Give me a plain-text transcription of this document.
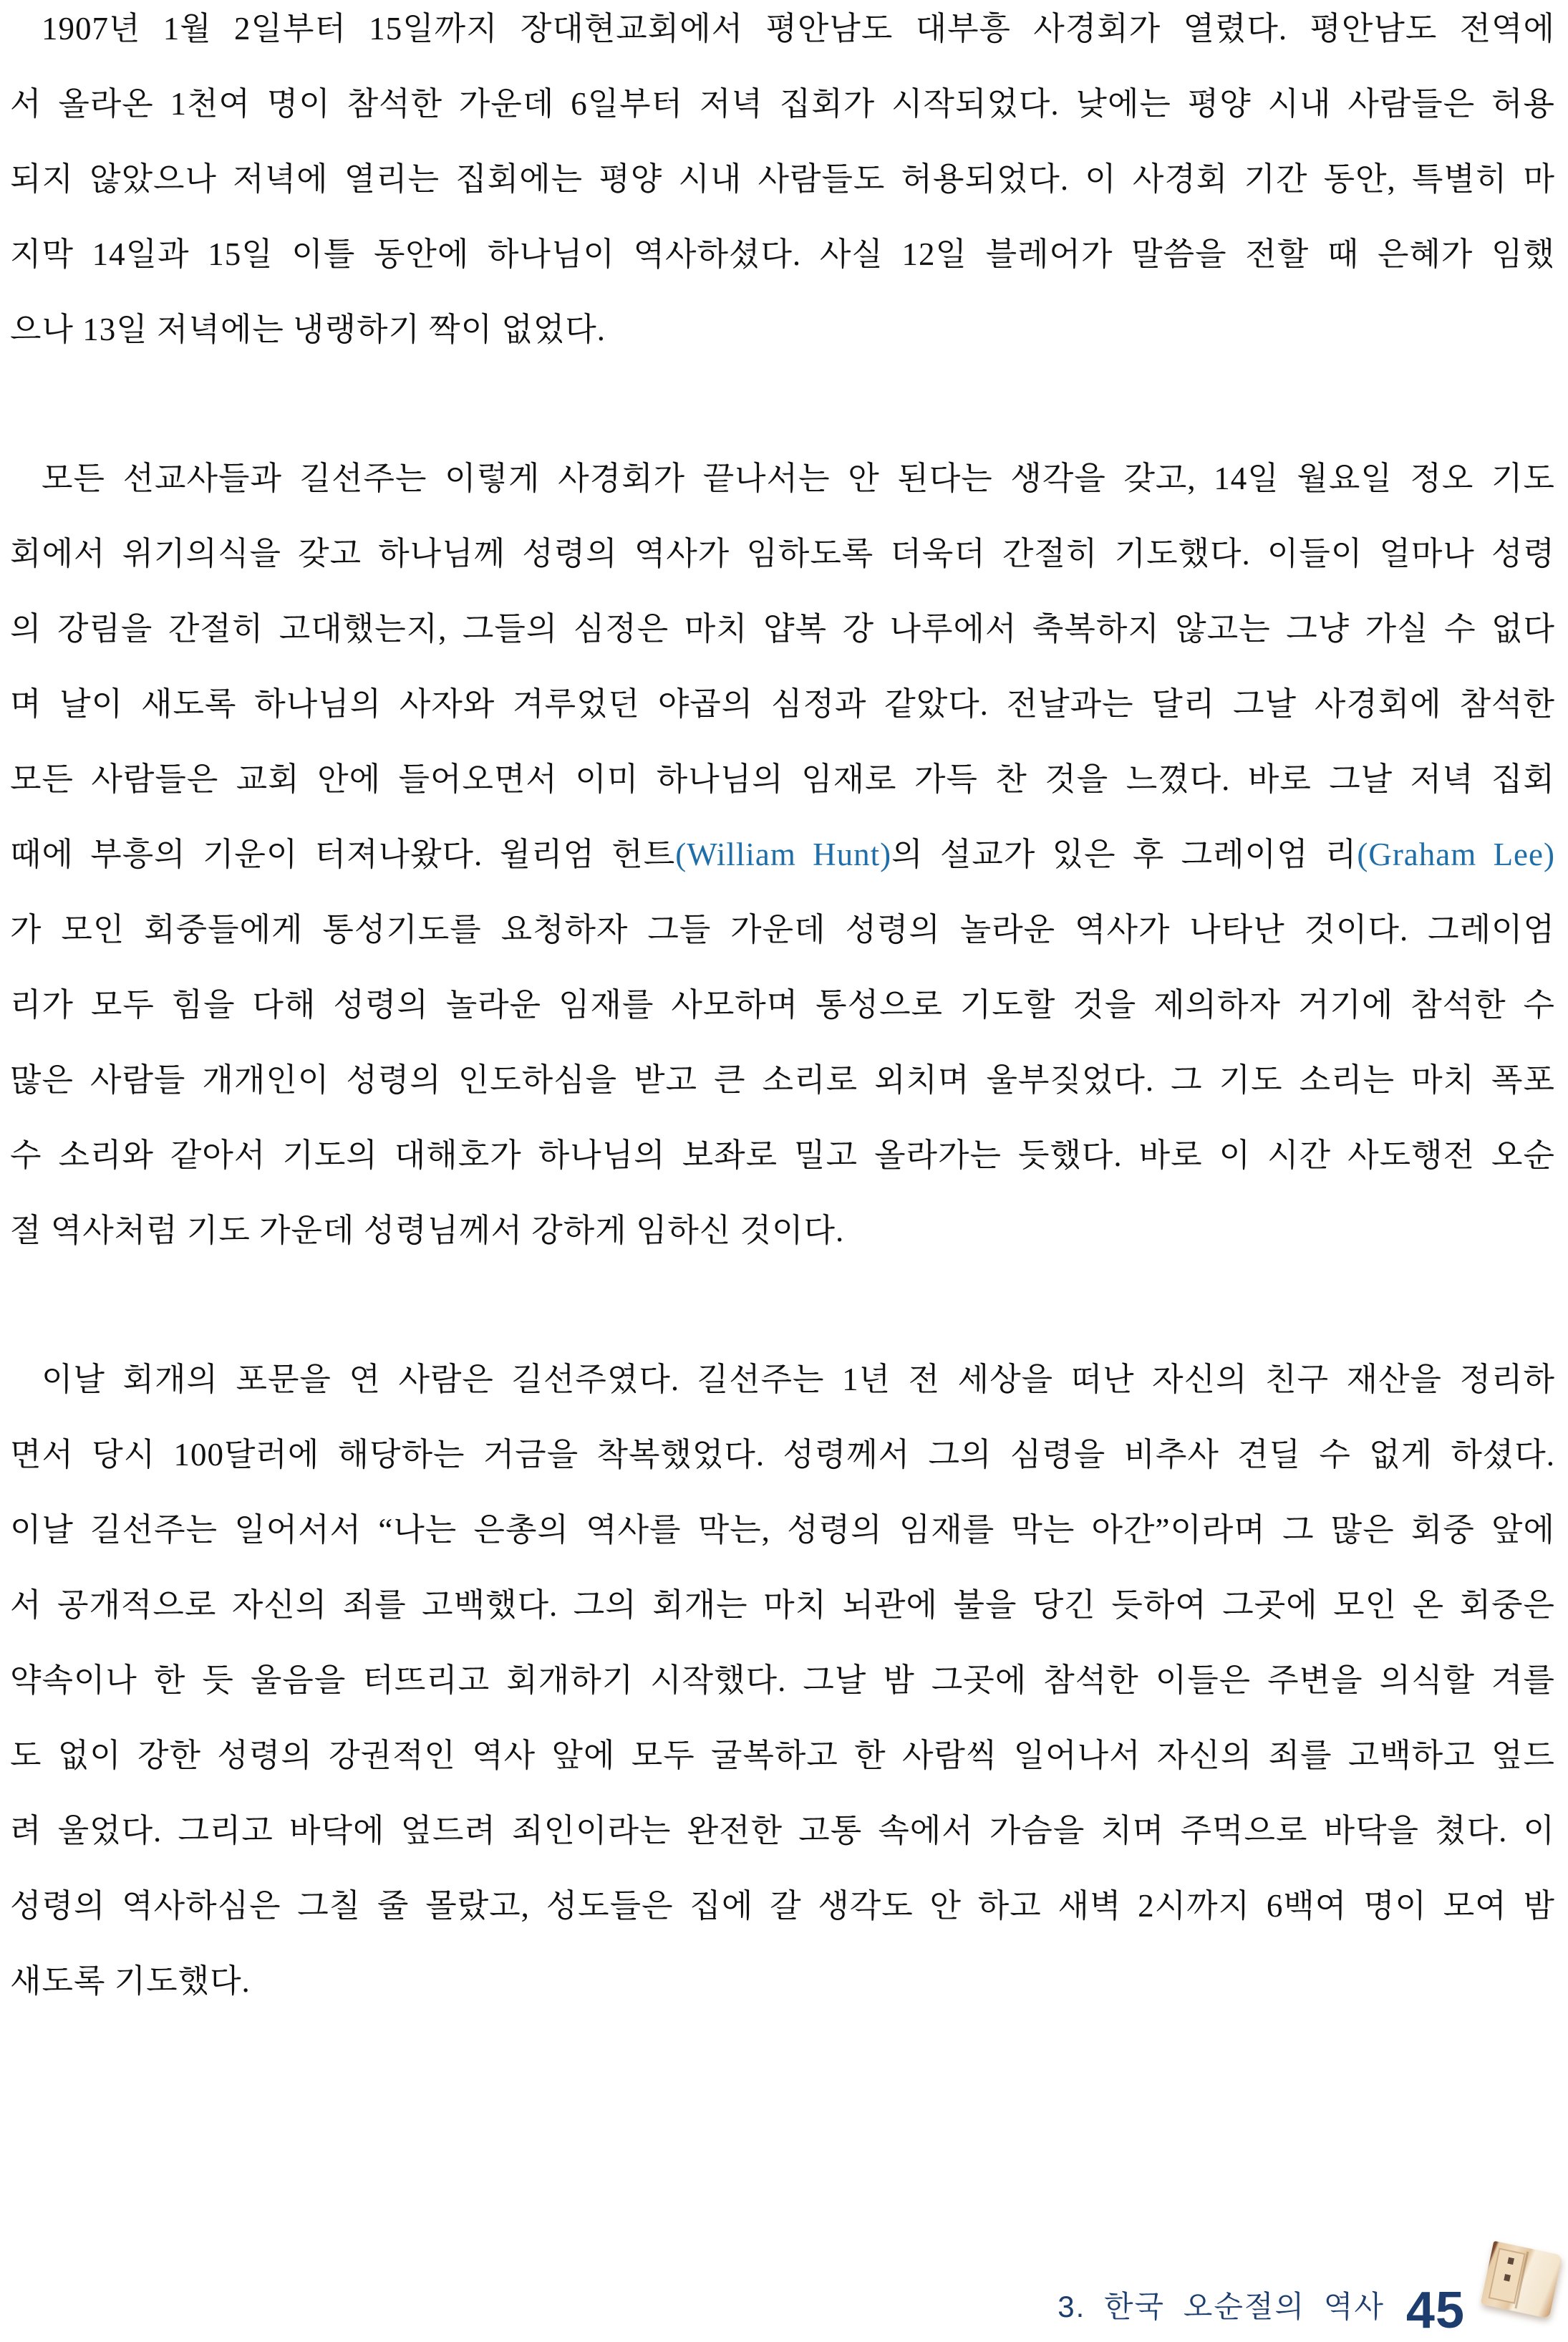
1907년 1월 2일부터 15일까지 장대현교회에서 평안남도 대부흥 사경회가 열렸다. 평안남도 전역에
서 올라온 1천여 명이 참석한 가운데 6일부터 저녁 집회가 시작되었다. 낮에는 평양 시내 사람들은 허용
되지 않았으나 저녁에 열리는 집회에는 평양 시내 사람들도 허용되었다. 이 사경회 기간 동안, 특별히 마
지막 14일과 15일 이틀 동안에 하나님이 역사하셨다. 사실 12일 블레어가 말씀을 전할 때 은혜가 임했
으나 13일 저녁에는 냉랭하기 짝이 없었다.
모든 선교사들과 길선주는 이렇게 사경회가 끝나서는 안 된다는 생각을 갖고, 14일 월요일 정오 기도
회에서 위기의식을 갖고 하나님께 성령의 역사가 임하도록 더욱더 간절히 기도했다. 이들이 얼마나 성령
의 강림을 간절히 고대했는지, 그들의 심정은 마치 얍복 강 나루에서 축복하지 않고는 그냥 가실 수 없다
며 날이 새도록 하나님의 사자와 겨루었던 야곱의 심정과 같았다. 전날과는 달리 그날 사경회에 참석한
모든 사람들은 교회 안에 들어오면서 이미 하나님의 임재로 가득 찬 것을 느꼈다. 바로 그날 저녁 집회
때에 부흥의 기운이 터져나왔다. 윌리엄 헌트(William Hunt)의 설교가 있은 후 그레이엄 리(Graham Lee)
가 모인 회중들에게 통성기도를 요청하자 그들 가운데 성령의 놀라운 역사가 나타난 것이다. 그레이엄
리가 모두 힘을 다해 성령의 놀라운 임재를 사모하며 통성으로 기도할 것을 제의하자 거기에 참석한 수
많은 사람들 개개인이 성령의 인도하심을 받고 큰 소리로 외치며 울부짖었다. 그 기도 소리는 마치 폭포
수 소리와 같아서 기도의 대해호가 하나님의 보좌로 밀고 올라가는 듯했다. 바로 이 시간 사도행전 오순
절 역사처럼 기도 가운데 성령님께서 강하게 임하신 것이다.
이날 회개의 포문을 연 사람은 길선주였다. 길선주는 1년 전 세상을 떠난 자신의 친구 재산을 정리하
면서 당시 100달러에 해당하는 거금을 착복했었다. 성령께서 그의 심령을 비추사 견딜 수 없게 하셨다.
이날 길선주는 일어서서 “나는 은총의 역사를 막는, 성령의 임재를 막는 아간”이라며 그 많은 회중 앞에
서 공개적으로 자신의 죄를 고백했다. 그의 회개는 마치 뇌관에 불을 당긴 듯하여 그곳에 모인 온 회중은
약속이나 한 듯 울음을 터뜨리고 회개하기 시작했다. 그날 밤 그곳에 참석한 이들은 주변을 의식할 겨를
도 없이 강한 성령의 강권적인 역사 앞에 모두 굴복하고 한 사람씩 일어나서 자신의 죄를 고백하고 엎드
려 울었다. 그리고 바닥에 엎드려 죄인이라는 완전한 고통 속에서 가슴을 치며 주먹으로 바닥을 쳤다. 이
성령의 역사하심은 그칠 줄 몰랐고, 성도들은 집에 갈 생각도 안 하고 새벽 2시까지 6백여 명이 모여 밤
새도록 기도했다.
3. 한국 오순절의 역사 45
